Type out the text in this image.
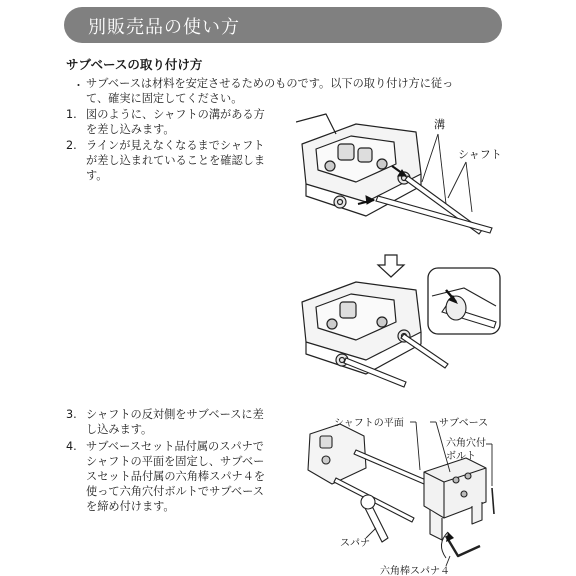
別販売品の使い方
サブベースの取り付け方
・ サブベースは材料を安定させるためのものです。以下の取り付け方に従っ
て、確実に固定してください。
1. 図のように、シャフトの溝がある方
を差し込みます。
2. ラインが見えなくなるまでシャフト
が差し込まれていることを確認しま
す。
3. シャフトの反対側をサブベースに差
し込みます。
4. サブベースセット品付属のスパナで
シャフトの平面を固定し、サブベー
スセット品付属の六角棒スパナ４を
使って六角穴付ボルトでサブベース
を締め付けます。
溝
シャフト
シャフトの平面	サブベース
六角穴付
ボルト
スパナ
六角棒スパナ４
